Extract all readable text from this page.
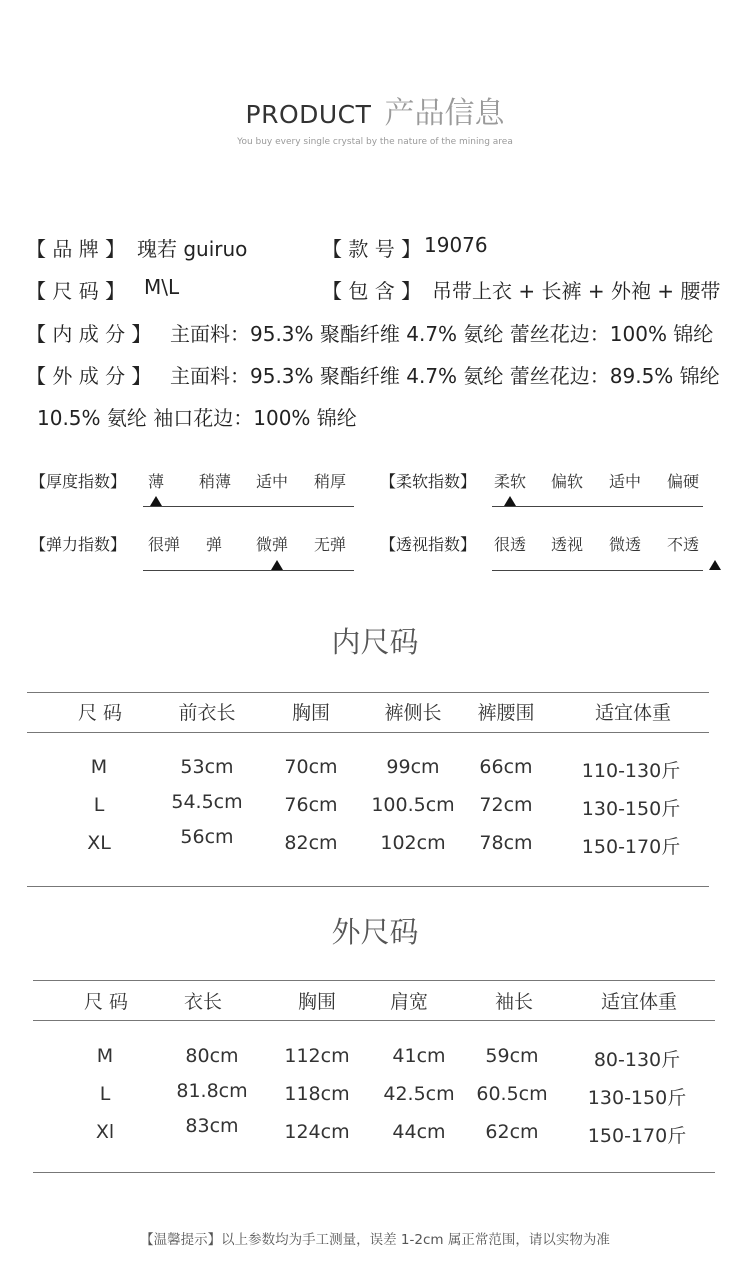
PRODUCT 产品信息
You buy every single crystal by the nature of the mining area
【 品 牌 】 瑰若 guiruo	【 款 号 】 19076
【 尺 码 】 M\L	【 包 含 】 吊带上衣 + 长裤 + 外袍 + 腰带
【 内 成 分 】 主面料：95.3% 聚酯纤维 4.7% 氨纶 蕾丝花边：100% 锦纶
【 外 成 分 】 主面料：95.3% 聚酯纤维 4.7% 氨纶 蕾丝花边：89.5% 锦纶
10.5% 氨纶 袖口花边：100% 锦纶
【厚度指数】 薄 稍薄 适中 稍厚 【柔软指数】 柔软 偏软 适中 偏硬
【弹力指数】 很弹 弹 微弹 无弹 【透视指数】 很透 透视 微透 不透
内尺码
尺 码	前衣长	胸围	裤侧长 裤腰围	适宜体重
M	53cm	70cm	99cm 66cm	110-130斤
L	54.5cm 76cm 100.5cm 72cm	130-150斤
XL	56cm	82cm 102cm 78cm	150-170斤
外尺码
尺 码	衣长	胸围	肩宽	袖长	适宜体重
M	80cm 112cm 41cm 59cm	80-130斤
L	81.8cm 118cm 42.5cm 60.5cm 130-150斤
Xl	83cm 124cm 44cm 62cm	150-170斤
【温馨提示】以上参数均为手工测量，误差 1-2cm 属正常范围，请以实物为准
